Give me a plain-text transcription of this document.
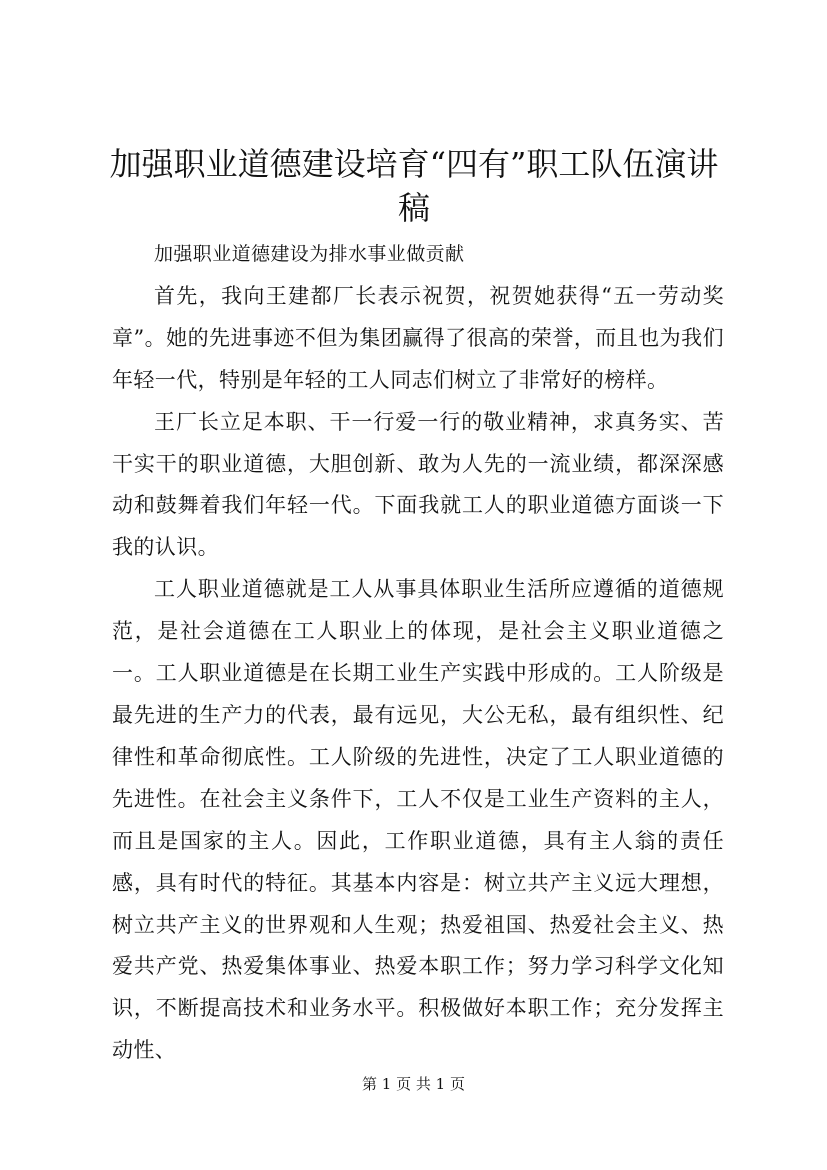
加强职业道德建设培育“四有”职工队伍演讲稿

加强职业道德建设为排水事业做贡献

首先，我向王建都厂长表示祝贺，祝贺她获得“五一劳动奖章”。她的先进事迹不但为集团赢得了很高的荣誉，而且也为我们年轻一代，特别是年轻的工人同志们树立了非常好的榜样。

王厂长立足本职、干一行爱一行的敬业精神，求真务实、苦干实干的职业道德，大胆创新、敢为人先的一流业绩，都深深感动和鼓舞着我们年轻一代。下面我就工人的职业道德方面谈一下我的认识。

工人职业道德就是工人从事具体职业生活所应遵循的道德规范，是社会道德在工人职业上的体现，是社会主义职业道德之一。工人职业道德是在长期工业生产实践中形成的。工人阶级是最先进的生产力的代表，最有远见，大公无私，最有组织性、纪律性和革命彻底性。工人阶级的先进性，决定了工人职业道德的先进性。在社会主义条件下，工人不仅是工业生产资料的主人，而且是国家的主人。因此，工作职业道德，具有主人翁的责任感，具有时代的特征。其基本内容是：树立共产主义远大理想，树立共产主义的世界观和人生观；热爱祖国、热爱社会主义、热爱共产党、热爱集体事业、热爱本职工作；努力学习科学文化知识，不断提高技术和业务水平。积极做好本职工作；充分发挥主动性、

第 1 页 共 1 页
